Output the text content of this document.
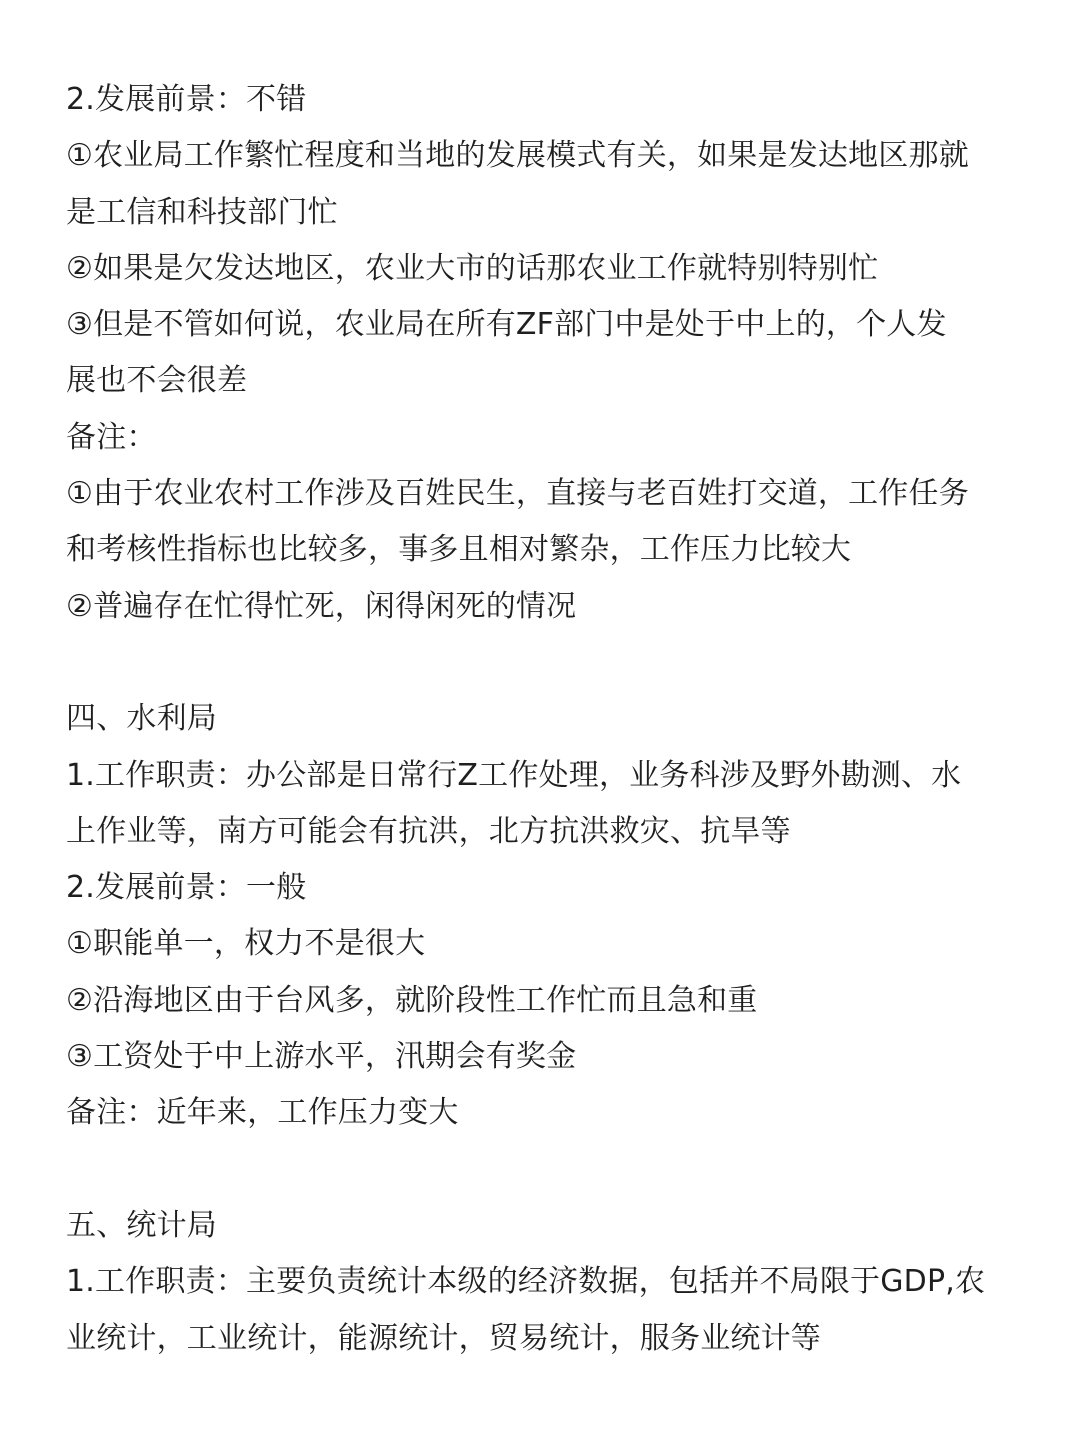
2.发展前景：不错
①农业局工作繁忙程度和当地的发展模式有关，如果是发达地区那就
是工信和科技部门忙
②如果是欠发达地区，农业大市的话那农业工作就特别特别忙
③但是不管如何说，农业局在所有ZF部门中是处于中上的，个人发
展也不会很差
备注：
①由于农业农村工作涉及百姓民生，直接与老百姓打交道，工作任务
和考核性指标也比较多，事多且相对繁杂，工作压力比较大
②普遍存在忙得忙死，闲得闲死的情况
四、水利局
1.工作职责：办公部是日常行Z工作处理，业务科涉及野外勘测、水
上作业等，南方可能会有抗洪，北方抗洪救灾、抗旱等
2.发展前景：一般
①职能单一，权力不是很大
②沿海地区由于台风多，就阶段性工作忙而且急和重
③工资处于中上游水平，汛期会有奖金
备注：近年来，工作压力变大
五、统计局
1.工作职责：主要负责统计本级的经济数据，包括并不局限于GDP,农
业统计，工业统计，能源统计，贸易统计，服务业统计等
